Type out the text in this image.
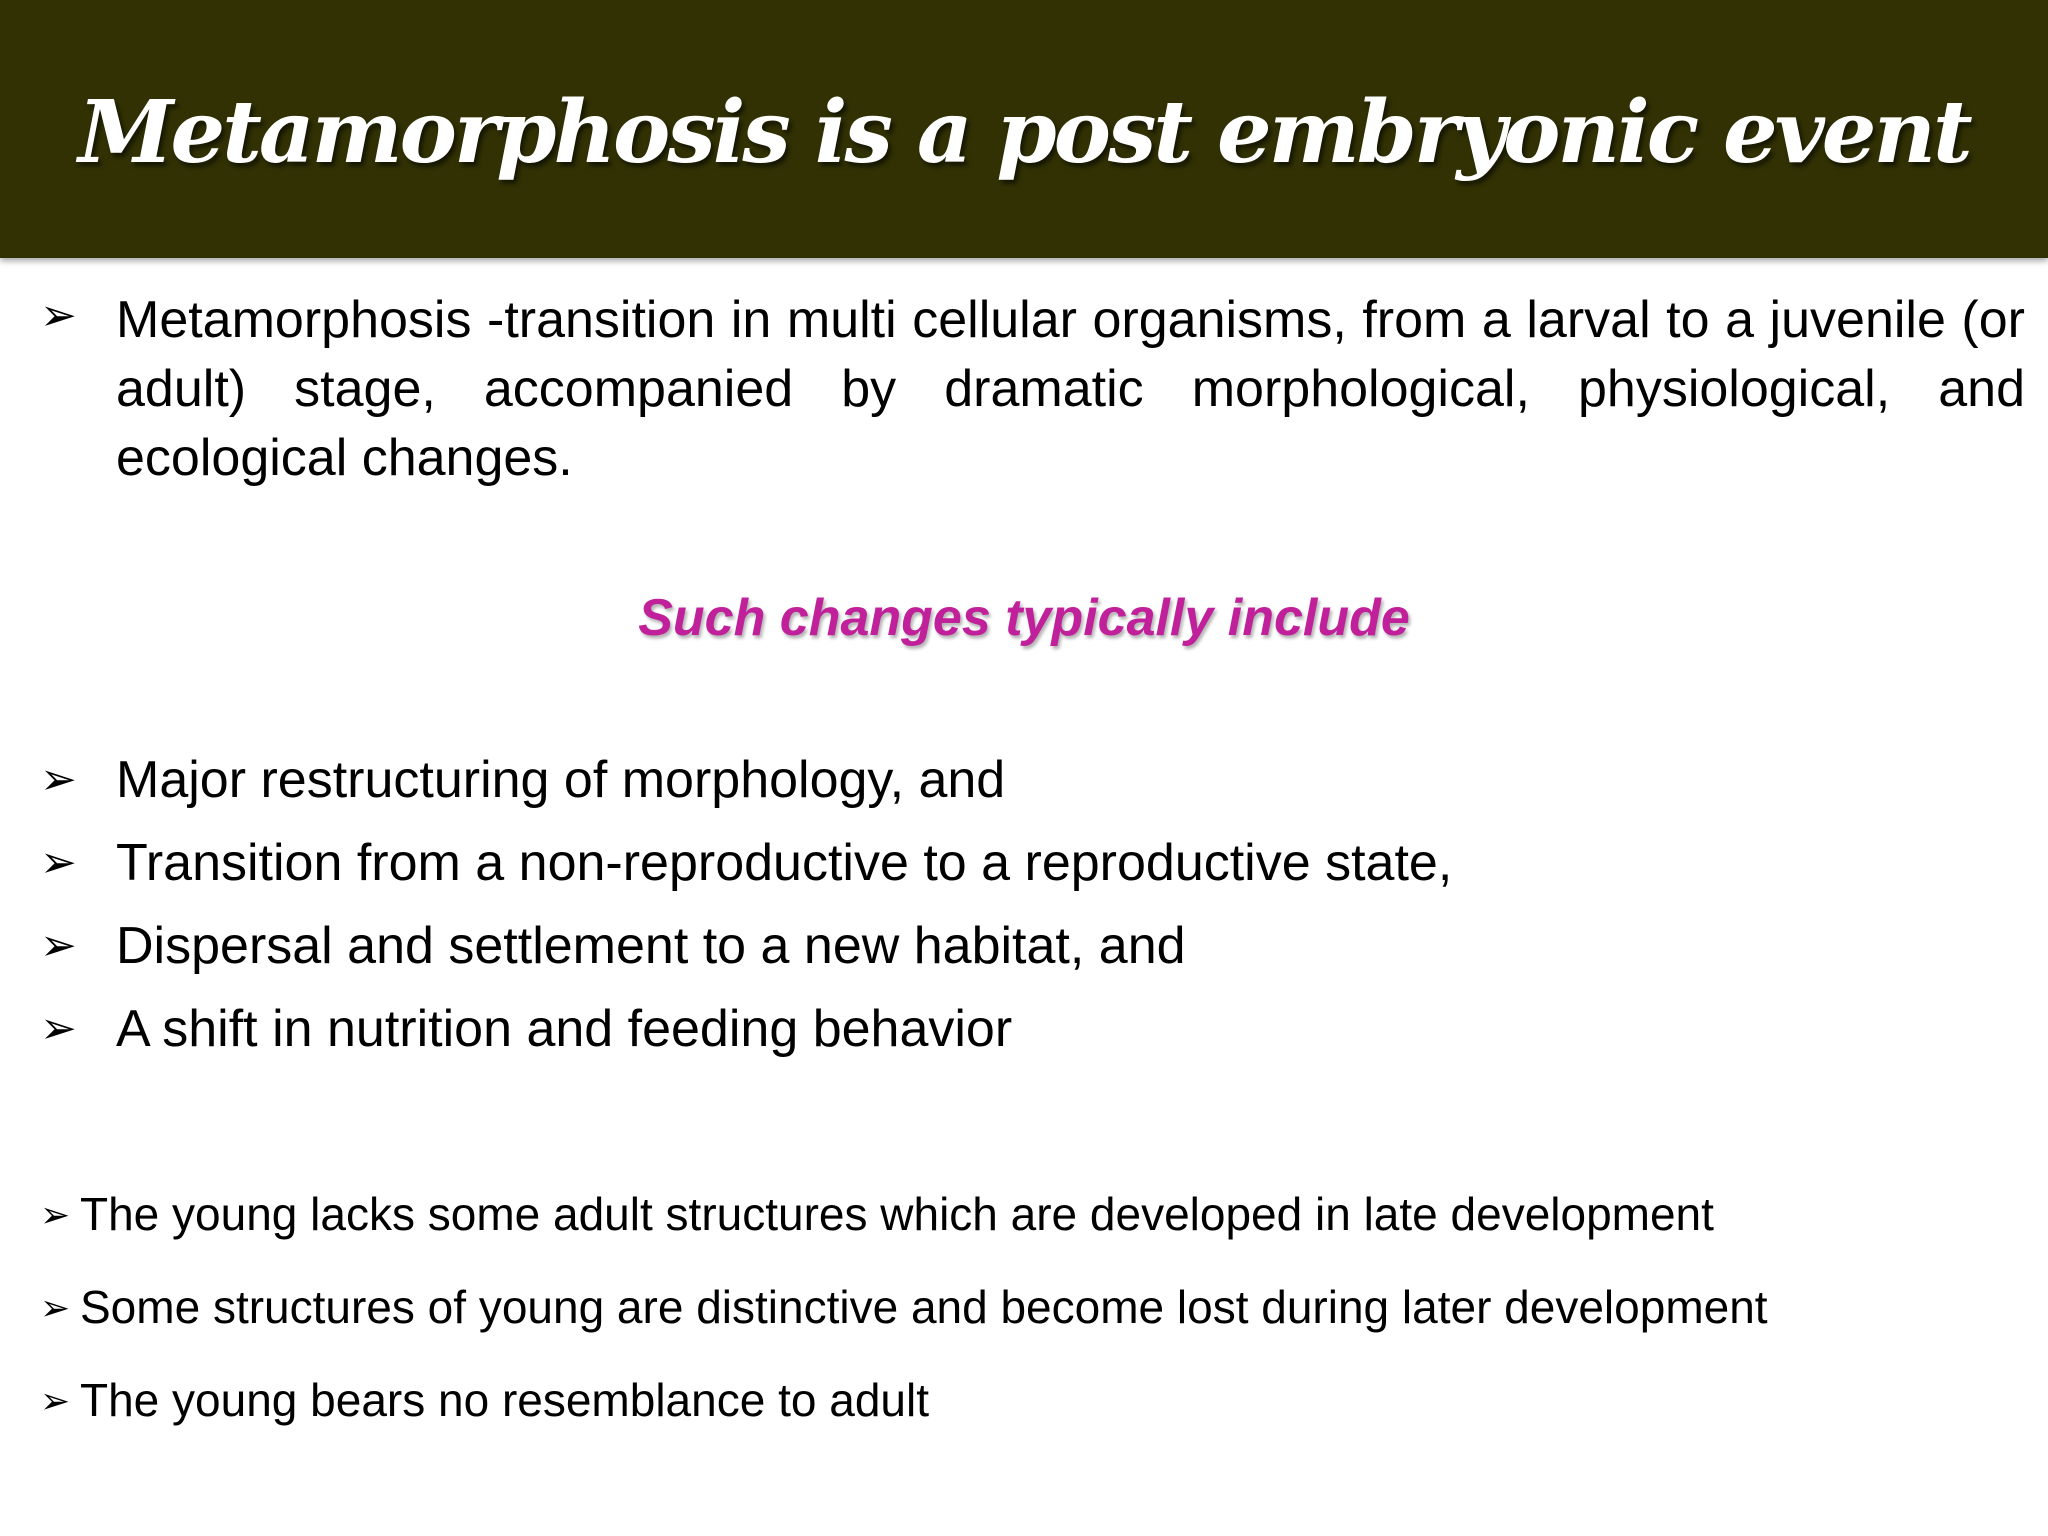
Metamorphosis is a post embryonic event
➢ Metamorphosis -transition in multi cellular organisms, from a larval to a juvenile (or adult) stage, accompanied by dramatic morphological, physiological, and ecological changes.
Such changes typically include
➢ Major restructuring of morphology, and
➢ Transition from a non-reproductive to a reproductive state,
➢ Dispersal and settlement to a new habitat, and
➢ A shift in nutrition and feeding behavior
➢ The young lacks some adult structures which are developed in late development
➢ Some structures of young are distinctive and become lost during later development
➢ The young bears no resemblance to adult
